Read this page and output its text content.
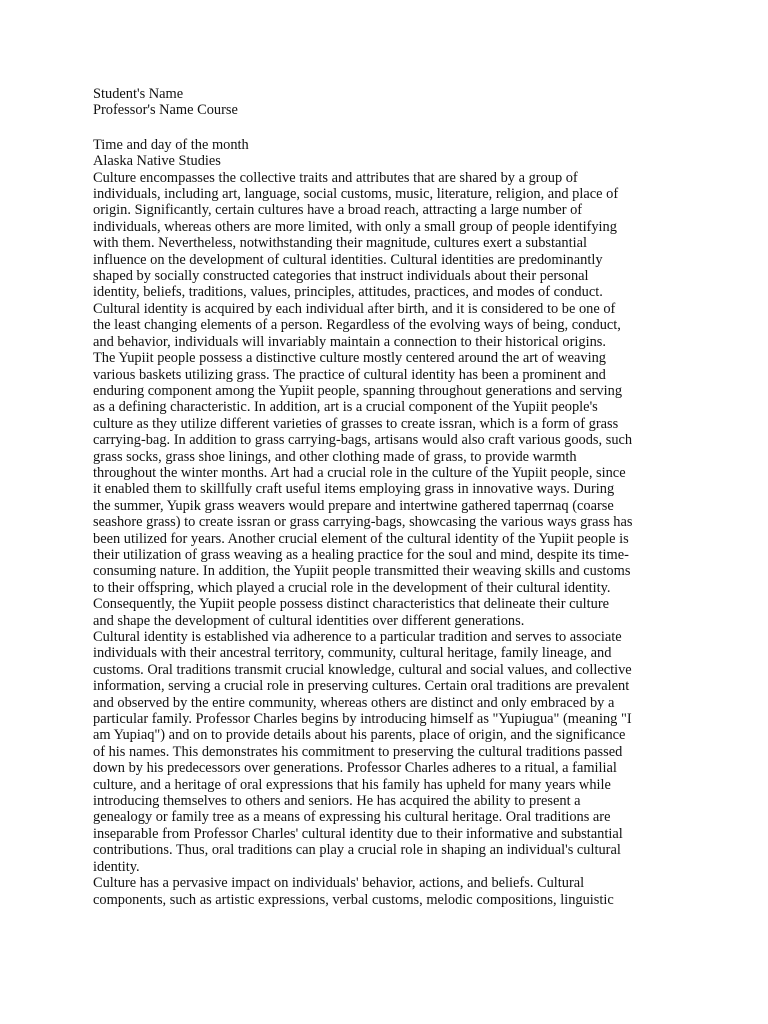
Student's Name
Professor's Name Course
Time and day of the month
Alaska Native Studies
Culture encompasses the collective traits and attributes that are shared by a group of
individuals, including art, language, social customs, music, literature, religion, and place of
origin. Significantly, certain cultures have a broad reach, attracting a large number of
individuals, whereas others are more limited, with only a small group of people identifying
with them. Nevertheless, notwithstanding their magnitude, cultures exert a substantial
influence on the development of cultural identities. Cultural identities are predominantly
shaped by socially constructed categories that instruct individuals about their personal
identity, beliefs, traditions, values, principles, attitudes, practices, and modes of conduct.
Cultural identity is acquired by each individual after birth, and it is considered to be one of
the least changing elements of a person. Regardless of the evolving ways of being, conduct,
and behavior, individuals will invariably maintain a connection to their historical origins.
The Yupiit people possess a distinctive culture mostly centered around the art of weaving
various baskets utilizing grass. The practice of cultural identity has been a prominent and
enduring component among the Yupiit people, spanning throughout generations and serving
as a defining characteristic. In addition, art is a crucial component of the Yupiit people's
culture as they utilize different varieties of grasses to create issran, which is a form of grass
carrying-bag. In addition to grass carrying-bags, artisans would also craft various goods, such
grass socks, grass shoe linings, and other clothing made of grass, to provide warmth
throughout the winter months. Art had a crucial role in the culture of the Yupiit people, since
it enabled them to skillfully craft useful items employing grass in innovative ways. During
the summer, Yupik grass weavers would prepare and intertwine gathered taperrnaq (coarse
seashore grass) to create issran or grass carrying-bags, showcasing the various ways grass has
been utilized for years. Another crucial element of the cultural identity of the Yupiit people is
their utilization of grass weaving as a healing practice for the soul and mind, despite its time-
consuming nature. In addition, the Yupiit people transmitted their weaving skills and customs
to their offspring, which played a crucial role in the development of their cultural identity.
Consequently, the Yupiit people possess distinct characteristics that delineate their culture
and shape the development of cultural identities over different generations.
Cultural identity is established via adherence to a particular tradition and serves to associate
individuals with their ancestral territory, community, cultural heritage, family lineage, and
customs. Oral traditions transmit crucial knowledge, cultural and social values, and collective
information, serving a crucial role in preserving cultures. Certain oral traditions are prevalent
and observed by the entire community, whereas others are distinct and only embraced by a
particular family. Professor Charles begins by introducing himself as "Yupiugua" (meaning "I
am Yupiaq") and on to provide details about his parents, place of origin, and the significance
of his names. This demonstrates his commitment to preserving the cultural traditions passed
down by his predecessors over generations. Professor Charles adheres to a ritual, a familial
culture, and a heritage of oral expressions that his family has upheld for many years while
introducing themselves to others and seniors. He has acquired the ability to present a
genealogy or family tree as a means of expressing his cultural heritage. Oral traditions are
inseparable from Professor Charles' cultural identity due to their informative and substantial
contributions. Thus, oral traditions can play a crucial role in shaping an individual's cultural
identity.
Culture has a pervasive impact on individuals' behavior, actions, and beliefs. Cultural
components, such as artistic expressions, verbal customs, melodic compositions, linguistic
